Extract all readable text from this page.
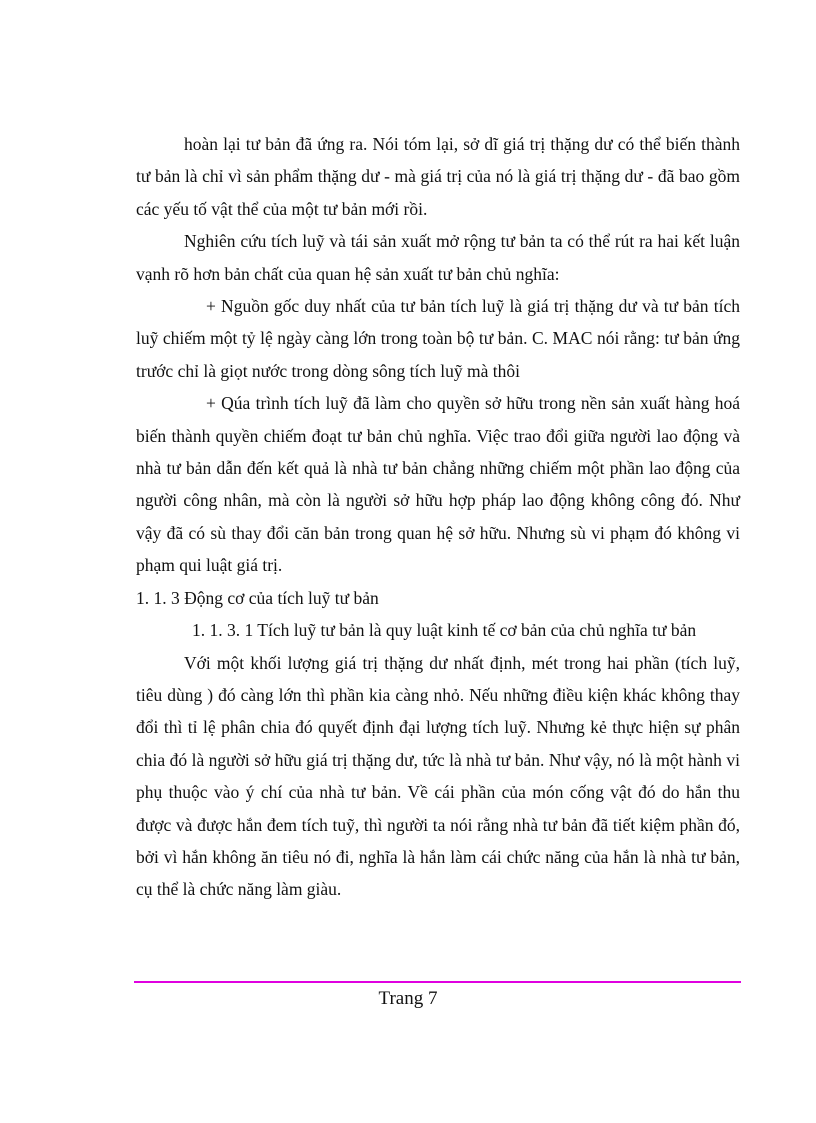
hoàn lại tư bản đã ứng ra. Nói tóm lại, sở dĩ giá trị thặng dư có thể biến thành tư bản là chỉ vì sản phẩm thặng dư - mà giá trị của nó là giá trị thặng dư - đã bao gồm các yếu tố vật thể của một tư bản mới rồi.

Nghiên cứu tích luỹ và tái sản xuất mở rộng tư bản ta có thể rút ra hai kết luận vạnh rõ hơn bản chất của quan hệ sản xuất tư bản chủ nghĩa:

+ Nguồn gốc duy nhất của tư bản tích luỹ là giá trị thặng dư và tư bản tích luỹ chiếm một tỷ lệ ngày càng lớn trong toàn bộ tư bản. C. MAC nói rằng: tư bản ứng trước chỉ là giọt nước trong dòng sông tích luỹ mà thôi

+ Qúa trình tích luỹ đã làm cho quyền sở hữu trong nền sản xuất hàng hoá biến thành quyền chiếm đoạt tư bản chủ nghĩa. Việc trao đổi giữa người lao động và nhà tư bản dẫn đến kết quả là nhà tư bản chẳng những chiếm một phần lao động của người công nhân, mà còn là người sở hữu hợp pháp lao động không công đó. Như vậy đã có sù thay đổi căn bản trong quan hệ sở hữu. Nhưng sù vi phạm đó không vi phạm qui luật giá trị.

1. 1. 3 Động cơ của tích luỹ tư bản

1. 1. 3. 1 Tích luỹ tư bản là quy luật kinh tế cơ bản của chủ nghĩa tư bản

Với một khối lượng giá trị thặng dư nhất định, mét trong hai phần (tích luỹ, tiêu dùng ) đó càng lớn thì phần kia càng nhỏ. Nếu những điều kiện khác không thay đổi thì tỉ lệ phân chia đó quyết định đại lượng tích luỹ. Nhưng kẻ thực hiện sự phân chia đó là người sở hữu giá trị thặng dư, tức là nhà tư bản. Như vậy, nó là một hành vi phụ thuộc vào ý chí của nhà tư bản. Về cái phần của món cống vật đó do hắn thu được và được hắn đem tích tuỹ, thì người ta nói rằng nhà tư bản đã tiết kiệm phần đó, bởi vì hắn không ăn tiêu nó đi, nghĩa là hắn làm cái chức năng của hắn là nhà tư bản, cụ thể là chức năng làm giàu.

Trang 7
